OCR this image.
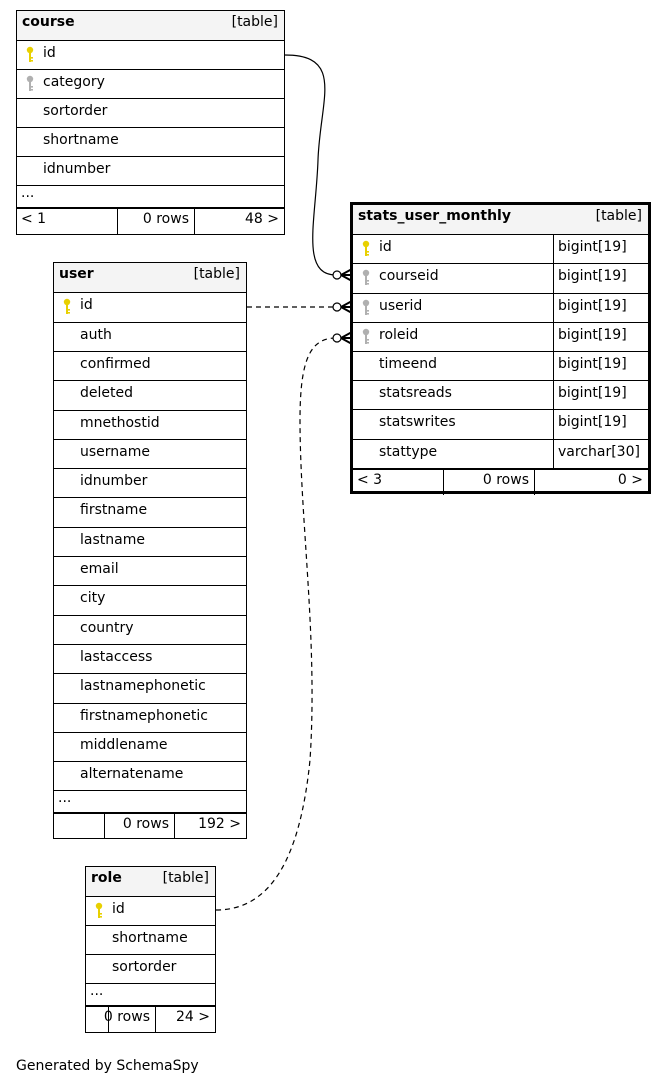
course	[table]
id
category
sortorder
shortname
idnumber
...
< 1	0 rows	48 >
user	[table]
id
auth
confirmed
deleted
mnethostid
username
idnumber
firstname
lastname
email
city
country
lastaccess
lastnamephonetic
firstnamephonetic
middlename
alternatename
...
0 rows 192 >
role	[table]
id
shortname
sortorder
...
0 rows 24 >
stats_user_monthly	[table]
id	bigint[19]
courseid	bigint[19]
userid	bigint[19]
roleid	bigint[19]
timeend	bigint[19]
statsreads	bigint[19]
statswrites	bigint[19]
stattype	varchar[30]
< 3	0 rows	0 >
Generated by SchemaSpy
